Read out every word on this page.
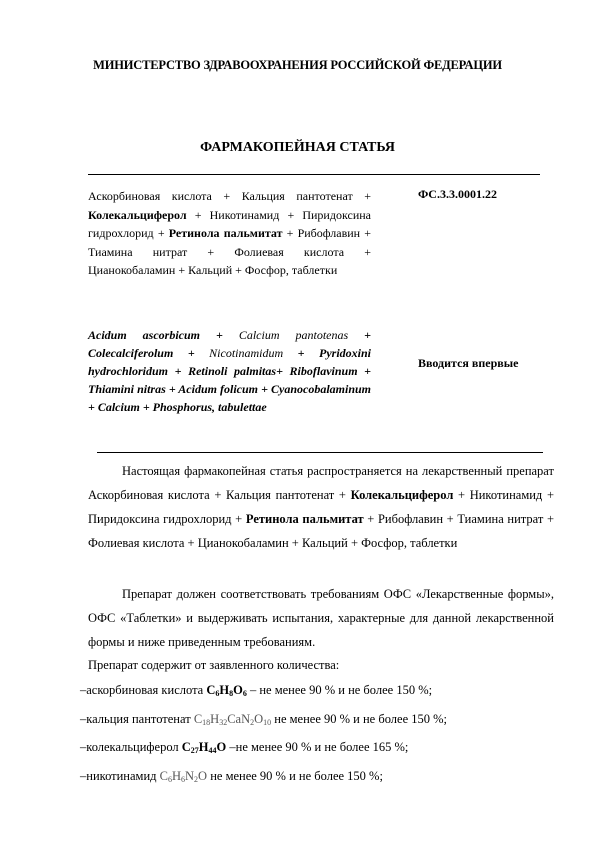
МИНИСТЕРСТВО ЗДРАВООХРАНЕНИЯ РОССИЙСКОЙ ФЕДЕРАЦИИ
ФАРМАКОПЕЙНАЯ СТАТЬЯ
Аскорбиновая кислота + Кальция пантотенат + Колекальциферол + Никотинамид + Пиридоксина гидрохлорид + Ретинола пальмитат + Рибофлавин + Тиамина нитрат + Фолиевая кислота + Цианокобаламин + Кальций + Фосфор, таблетки
ФС.3.3.0001.22
Acidum ascorbicum + Calcium pantotenas + Colecalciferolum + Nicotinamidum + Pyridoxini hydrochloridum + Retinoli palmitas+ Riboflavinum + Thiamini nitras + Acidum folicum + Cyanocobalaminum + Calcium + Phosphorus, tabulettae
Вводится впервые

Настоящая фармакопейная статья распространяется на лекарственный препарат Аскорбиновая кислота + Кальция пантотенат + Колекальциферол + Никотинамид + Пиридоксина гидрохлорид + Ретинола пальмитат + Рибофлавин + Тиамина нитрат + Фолиевая кислота + Цианокобаламин + Кальций + Фосфор, таблетки

Препарат должен соответствовать требованиям ОФС «Лекарственные формы», ОФС «Таблетки» и выдерживать испытания, характерные для данной лекарственной формы и ниже приведенным требованиям.

Препарат содержит от заявленного количества:

–аскорбиновая кислота $C_6H_8O_6$ – не менее 90 % и не более 150 %;
–кальция пантотенат $C_{18}H_{32}CaN_2O_{10}$ не менее 90 % и не более 150 %;
–колекальциферол $C_{27}H_{44}O$ –не менее 90 % и не более 165 %;
–никотинамид $C_6H_6N_2O$ не менее 90 % и не более 150 %;
